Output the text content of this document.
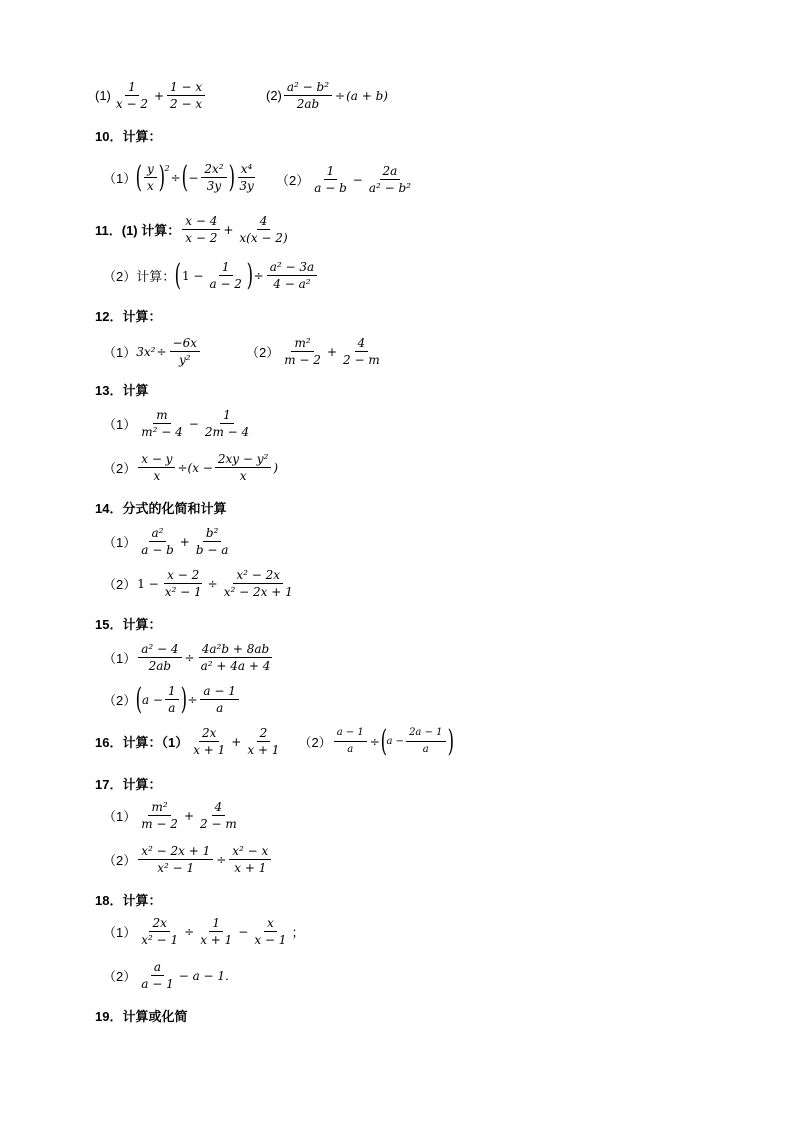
$(1) \frac{1}{x - 2} + \frac{1 - x}{2 - x}$	$(2) \frac{\text{a² − b²}}{2ab} \div (a + b)$
10．计算：
（1） ( $\frac{y}{x} )^2$
÷ ( − $\frac{\text{2x²}}{3y}$ ) $\frac{\text{x⁴}}{3y} (2) \frac{1}{a - b} - \frac{2a}{\text{a² − b²}}$
11．(1) 计算： $\frac{x - 4}{x - 2} + \frac{4}{x(x - 2)}$
（2）计算： ( $1 - \frac{1}{a - 2}$ ) ÷ $\frac{\text{a² − 3a}}{\text{4 − a²}}$
12．计算：
（1） $3x^2 \div \frac{-6x}{\text{y²}}$	$(2) \frac{\text{m²}}{m - 2} + \frac{4}{2 - m}$
13．计算
$(1) \frac{m}{\text{m² − 4}} - \frac{1}{2m - 4}$
$(2) \frac{x - y}{x} \div(x - \frac{\text{2xy − y²}}{x}$ )
14．分式的化简和计算
$(1) \frac{\text{a²}}{a - b} + \frac{\text{b²}}{b - a}$
（2） $1 - \frac{x - 2}{\text{x² − 1}} \div \frac{\text{x² − 2x}}{\text{x² − 2x + 1}}$
15．计算：
$(1) \frac{\text{a² − 4}}{2ab} \div \frac{\text{4a²b + 8ab}}{\text{a² + 4a + 4}}$
（2） ( $a - \frac{1}{a}$ ) ÷ $\frac{a - 1}{a}$
16．计算：$(1) \frac{2x}{x + 1} + \frac{2}{x + 1} (2) \frac{a - 1}{a}$ ÷ ( $a - \frac{2a - 1}{a}$ )
17．计算：
$(1) \frac{\text{m²}}{m - 2} + \frac{4}{2 - m}$
$(2) \frac{\text{x² − 2x + 1}}{\text{x² − 1}} \div \frac{\text{x² − x}}{x + 1}$
18．计算：
$(1) \frac{2x}{\text{x² − 1}} \div \frac{1}{x + 1} - \frac{x}{x - 1}$ ；
$(2) \frac{a}{a - 1} - a - 1$．
19．计算或化简
